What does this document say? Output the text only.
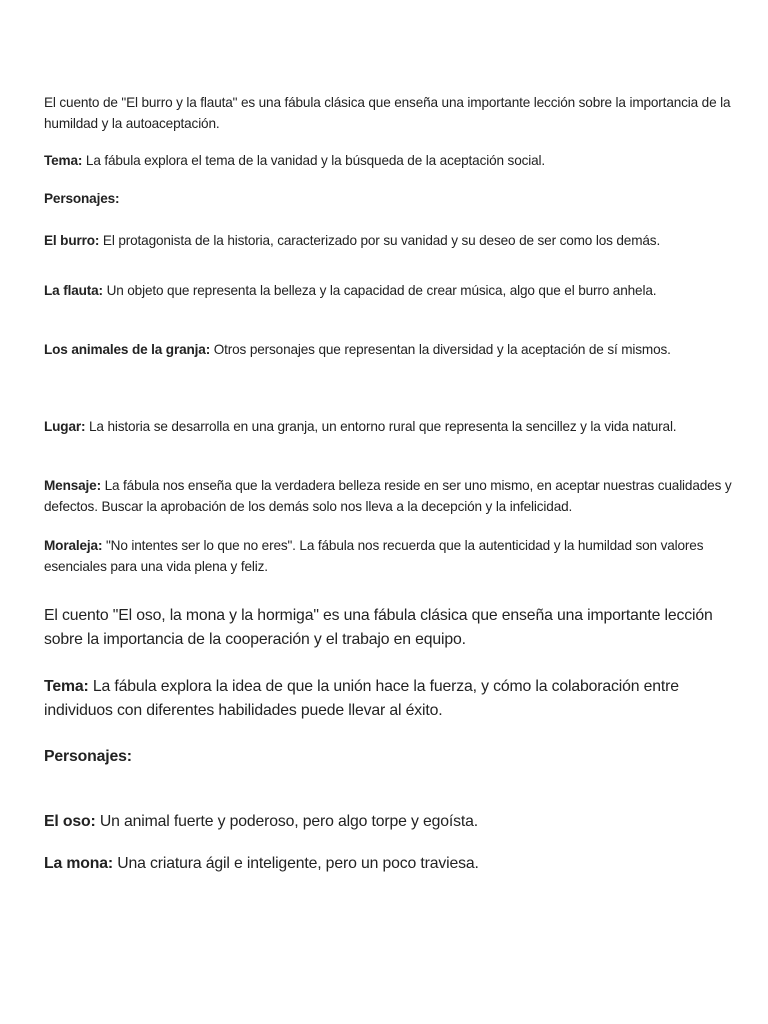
El cuento de "El burro y la flauta" es una fábula clásica que enseña una importante lección sobre la importancia de la humildad y la autoaceptación.

Tema: La fábula explora el tema de la vanidad y la búsqueda de la aceptación social.

Personajes:

El burro: El protagonista de la historia, caracterizado por su vanidad y su deseo de ser como los demás.

La flauta: Un objeto que representa la belleza y la capacidad de crear música, algo que el burro anhela.

Los animales de la granja: Otros personajes que representan la diversidad y la aceptación de sí mismos.

Lugar: La historia se desarrolla en una granja, un entorno rural que representa la sencillez y la vida natural.

Mensaje: La fábula nos enseña que la verdadera belleza reside en ser uno mismo, en aceptar nuestras cualidades y defectos. Buscar la aprobación de los demás solo nos lleva a la decepción y la infelicidad.

Moraleja: "No intentes ser lo que no eres". La fábula nos recuerda que la autenticidad y la humildad son valores esenciales para una vida plena y feliz.

El cuento "El oso, la mona y la hormiga" es una fábula clásica que enseña una importante lección sobre la importancia de la cooperación y el trabajo en equipo.

Tema: La fábula explora la idea de que la unión hace la fuerza, y cómo la colaboración entre individuos con diferentes habilidades puede llevar al éxito.

Personajes:

El oso: Un animal fuerte y poderoso, pero algo torpe y egoísta.

La mona: Una criatura ágil e inteligente, pero un poco traviesa.
